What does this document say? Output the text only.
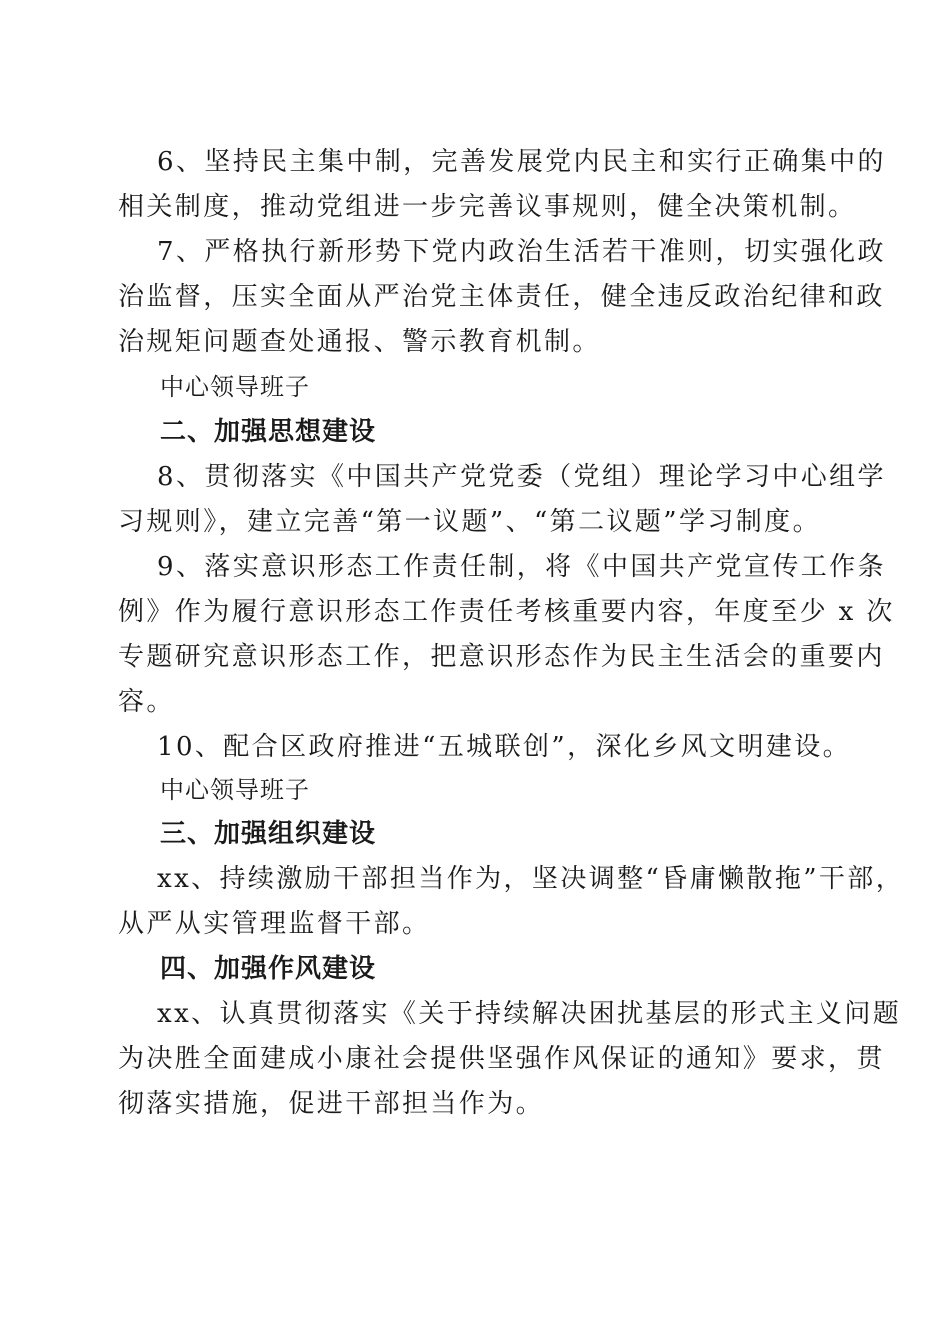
6、坚持民主集中制，完善发展党内民主和实行正确集中的
相关制度，推动党组进一步完善议事规则，健全决策机制。
7、严格执行新形势下党内政治生活若干准则，切实强化政
治监督，压实全面从严治党主体责任，健全违反政治纪律和政
治规矩问题查处通报、警示教育机制。
中心领导班子
二、加强思想建设
8、贯彻落实《中国共产党党委（党组）理论学习中心组学
习规则》，建立完善“第一议题”、“第二议题”学习制度。
9、落实意识形态工作责任制，将《中国共产党宣传工作条
例》作为履行意识形态工作责任考核重要内容，年度至少 x 次
专题研究意识形态工作，把意识形态作为民主生活会的重要内
容。
10、配合区政府推进“五城联创”，深化乡风文明建设。
中心领导班子
三、加强组织建设
xx、持续激励干部担当作为，坚决调整“昏庸懒散拖”干部，
从严从实管理监督干部。
四、加强作风建设
xx、认真贯彻落实《关于持续解决困扰基层的形式主义问题
为决胜全面建成小康社会提供坚强作风保证的通知》要求，贯
彻落实措施，促进干部担当作为。
